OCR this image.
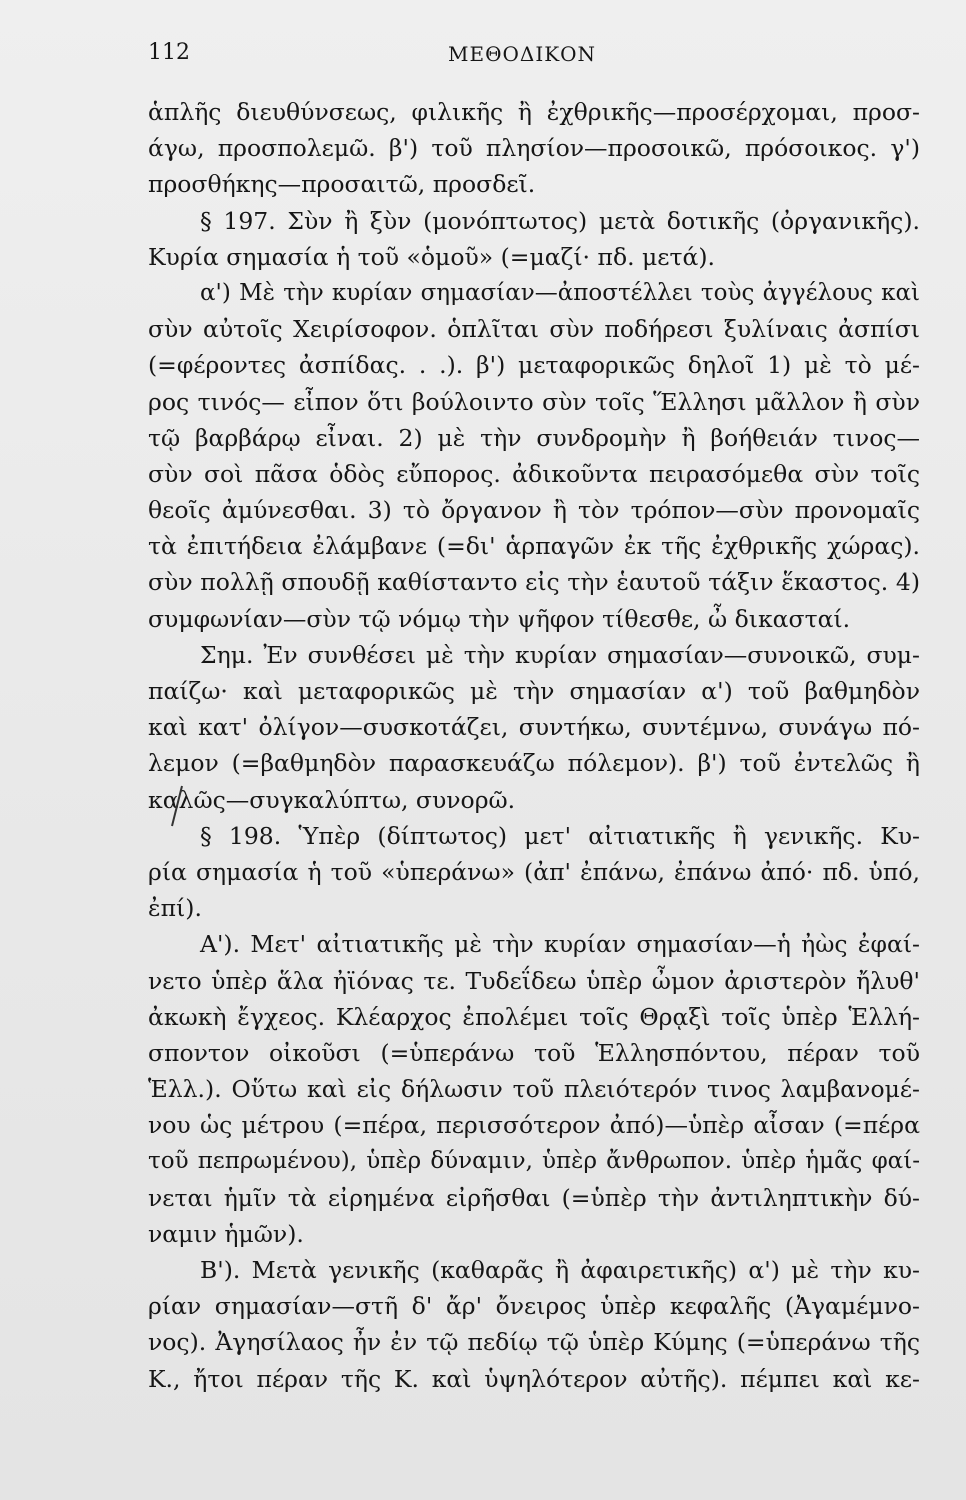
112	ΜΕΘΟΔΙΚΟΝ
ἁπλῆς διευθύνσεως, φιλικῆς ἢ ἐχθρικῆς—προσέρχομαι, προσ-
άγω, προσπολεμῶ. β') τοῦ πλησίον—προσοικῶ, πρόσοικος. γ')
προσθήκης—προσαιτῶ, προσδεῖ.
§ 197. Σὺν ἢ ξὺν (μονόπτωτος) μετὰ δοτικῆς (ὀργανικῆς).
Κυρία σημασία ἡ τοῦ «ὁμοῦ» (=μαζί· πδ. μετά).
α') Μὲ τὴν κυρίαν σημασίαν—ἀποστέλλει τοὺς ἀγγέλους καὶ
σὺν αὐτοῖς Χειρίσοφον. ὁπλῖται σὺν ποδήρεσι ξυλίναις ἀσπίσι
(=φέροντες ἀσπίδας. . .). β') μεταφορικῶς δηλοῖ 1) μὲ τὸ μέ-
ρος τινός— εἶπον ὅτι βούλοιντο σὺν τοῖς Ἕλλησι μᾶλλον ἢ σὺν
τῷ βαρβάρῳ εἶναι. 2) μὲ τὴν συνδρομὴν ἢ βοήθειάν τινος—
σὺν σοὶ πᾶσα ὁδὸς εὔπορος. ἀδικοῦντα πειρασόμεθα σὺν τοῖς
θεοῖς ἀμύνεσθαι. 3) τὸ ὄργανον ἢ τὸν τρόπον—σὺν προνομαῖς
τὰ ἐπιτήδεια ἐλάμβανε (=δι' ἁρπαγῶν ἐκ τῆς ἐχθρικῆς χώρας).
σὺν πολλῇ σπουδῇ καθίσταντο εἰς τὴν ἑαυτοῦ τάξιν ἕκαστος. 4)
συμφωνίαν—σὺν τῷ νόμῳ τὴν ψῆφον τίθεσθε, ὦ δικασταί.
Σημ. Ἐν συνθέσει μὲ τὴν κυρίαν σημασίαν—συνοικῶ, συμ-
παίζω· καὶ μεταφορικῶς μὲ τὴν σημασίαν α') τοῦ βαθμηδὸν
καὶ κατ' ὀλίγον—συσκοτάζει, συντήκω, συντέμνω, συνάγω πό-
λεμον (=βαθμηδὸν παρασκευάζω πόλεμον). β') τοῦ ἐντελῶς ἢ
καλῶς—συγκαλύπτω, συνορῶ.
§ 198. Ὑπὲρ (δίπτωτος) μετ' αἰτιατικῆς ἢ γενικῆς. Κυ-
ρία σημασία ἡ τοῦ «ὑπεράνω» (ἀπ' ἐπάνω, ἐπάνω ἀπό· πδ. ὑπό,
ἐπί).
Α'). Μετ' αἰτιατικῆς μὲ τὴν κυρίαν σημασίαν—ἡ ἠὼς ἐφαί-
νετο ὑπὲρ ἅλα ἠϊόνας τε. Τυδεΐδεω ὑπὲρ ὦμον ἀριστερὸν ἤλυθ'
ἀκωκὴ ἔγχεος. Κλέαρχος ἐπολέμει τοῖς Θρᾳξὶ τοῖς ὑπὲρ Ἑλλή-
σποντον οἰκοῦσι (=ὑπεράνω τοῦ Ἑλλησπόντου, πέραν τοῦ
Ἑλλ.). Οὕτω καὶ εἰς δήλωσιν τοῦ πλειότερόν τινος λαμβανομέ-
νου ὡς μέτρου (=πέρα, περισσότερον ἀπό)—ὑπὲρ αἶσαν (=πέρα
τοῦ πεπρωμένου), ὑπὲρ δύναμιν, ὑπὲρ ἄνθρωπον. ὑπὲρ ἡμᾶς φαί-
νεται ἡμῖν τὰ εἰρημένα εἰρῆσθαι (=ὑπὲρ τὴν ἀντιληπτικὴν δύ-
ναμιν ἡμῶν).
Β'). Μετὰ γενικῆς (καθαρᾶς ἢ ἀφαιρετικῆς) α') μὲ τὴν κυ-
ρίαν σημασίαν—στῆ δ' ἄρ' ὄνειρος ὑπὲρ κεφαλῆς (Ἀγαμέμνο-
νος). Ἀγησίλαος ἦν ἐν τῷ πεδίῳ τῷ ὑπὲρ Κύμης (=ὑπεράνω τῆς
Κ., ἤτοι πέραν τῆς Κ. καὶ ὑψηλότερον αὐτῆς). πέμπει καὶ κε-
